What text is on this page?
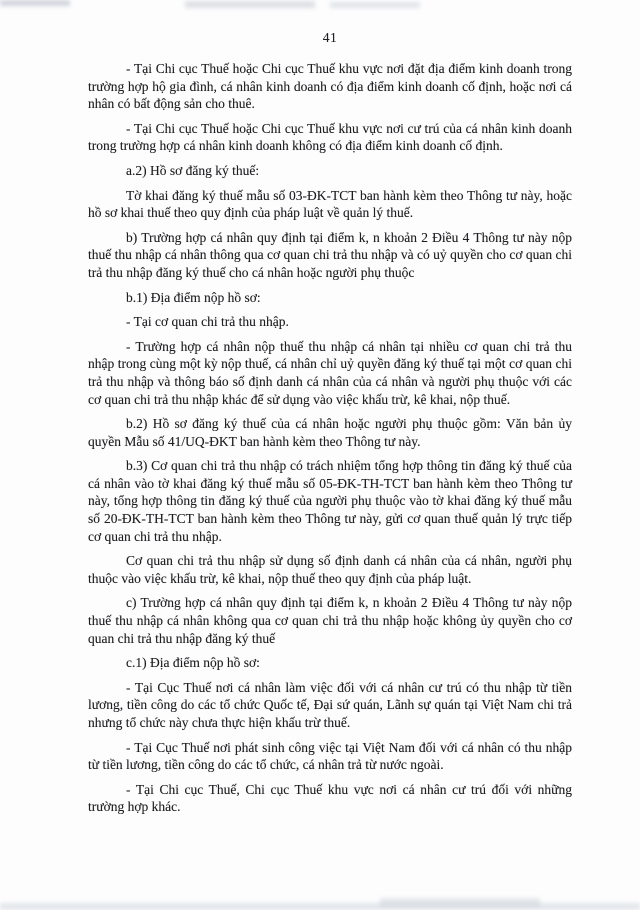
41

- Tại Chi cục Thuế hoặc Chi cục Thuế khu vực nơi đặt địa điểm kinh doanh trong trường hợp hộ gia đình, cá nhân kinh doanh có địa điểm kinh doanh cố định, hoặc nơi cá nhân có bất động sản cho thuê.

- Tại Chi cục Thuế hoặc Chi cục Thuế khu vực nơi cư trú của cá nhân kinh doanh trong trường hợp cá nhân kinh doanh không có địa điểm kinh doanh cố định.

a.2) Hồ sơ đăng ký thuế:

Tờ khai đăng ký thuế mẫu số 03-ĐK-TCT ban hành kèm theo Thông tư này, hoặc hồ sơ khai thuế theo quy định của pháp luật về quản lý thuế.

b) Trường hợp cá nhân quy định tại điểm k, n khoản 2 Điều 4 Thông tư này nộp thuế thu nhập cá nhân thông qua cơ quan chi trả thu nhập và có uỷ quyền cho cơ quan chi trả thu nhập đăng ký thuế cho cá nhân hoặc người phụ thuộc

b.1) Địa điểm nộp hồ sơ:

- Tại cơ quan chi trả thu nhập.

- Trường hợp cá nhân nộp thuế thu nhập cá nhân tại nhiều cơ quan chi trả thu nhập trong cùng một kỳ nộp thuế, cá nhân chỉ uỷ quyền đăng ký thuế tại một cơ quan chi trả thu nhập và thông báo số định danh cá nhân của cá nhân và người phụ thuộc với các cơ quan chi trả thu nhập khác để sử dụng vào việc khấu trừ, kê khai, nộp thuế.

b.2) Hồ sơ đăng ký thuế của cá nhân hoặc người phụ thuộc gồm: Văn bản ủy quyền Mẫu số 41/UQ-ĐKT ban hành kèm theo Thông tư này.

b.3) Cơ quan chi trả thu nhập có trách nhiệm tổng hợp thông tin đăng ký thuế của cá nhân vào tờ khai đăng ký thuế mẫu số 05-ĐK-TH-TCT ban hành kèm theo Thông tư này, tổng hợp thông tin đăng ký thuế của người phụ thuộc vào tờ khai đăng ký thuế mẫu số 20-ĐK-TH-TCT ban hành kèm theo Thông tư này, gửi cơ quan thuế quản lý trực tiếp cơ quan chi trả thu nhập.

Cơ quan chi trả thu nhập sử dụng số định danh cá nhân của cá nhân, người phụ thuộc vào việc khấu trừ, kê khai, nộp thuế theo quy định của pháp luật.

c) Trường hợp cá nhân quy định tại điểm k, n khoản 2 Điều 4 Thông tư này nộp thuế thu nhập cá nhân không qua cơ quan chi trả thu nhập hoặc không ủy quyền cho cơ quan chi trả thu nhập đăng ký thuế

c.1) Địa điểm nộp hồ sơ:

- Tại Cục Thuế nơi cá nhân làm việc đối với cá nhân cư trú có thu nhập từ tiền lương, tiền công do các tổ chức Quốc tế, Đại sứ quán, Lãnh sự quán tại Việt Nam chi trả nhưng tổ chức này chưa thực hiện khấu trừ thuế.

- Tại Cục Thuế nơi phát sinh công việc tại Việt Nam đối với cá nhân có thu nhập từ tiền lương, tiền công do các tổ chức, cá nhân trả từ nước ngoài.

- Tại Chi cục Thuế, Chi cục Thuế khu vực nơi cá nhân cư trú đối với những trường hợp khác.
